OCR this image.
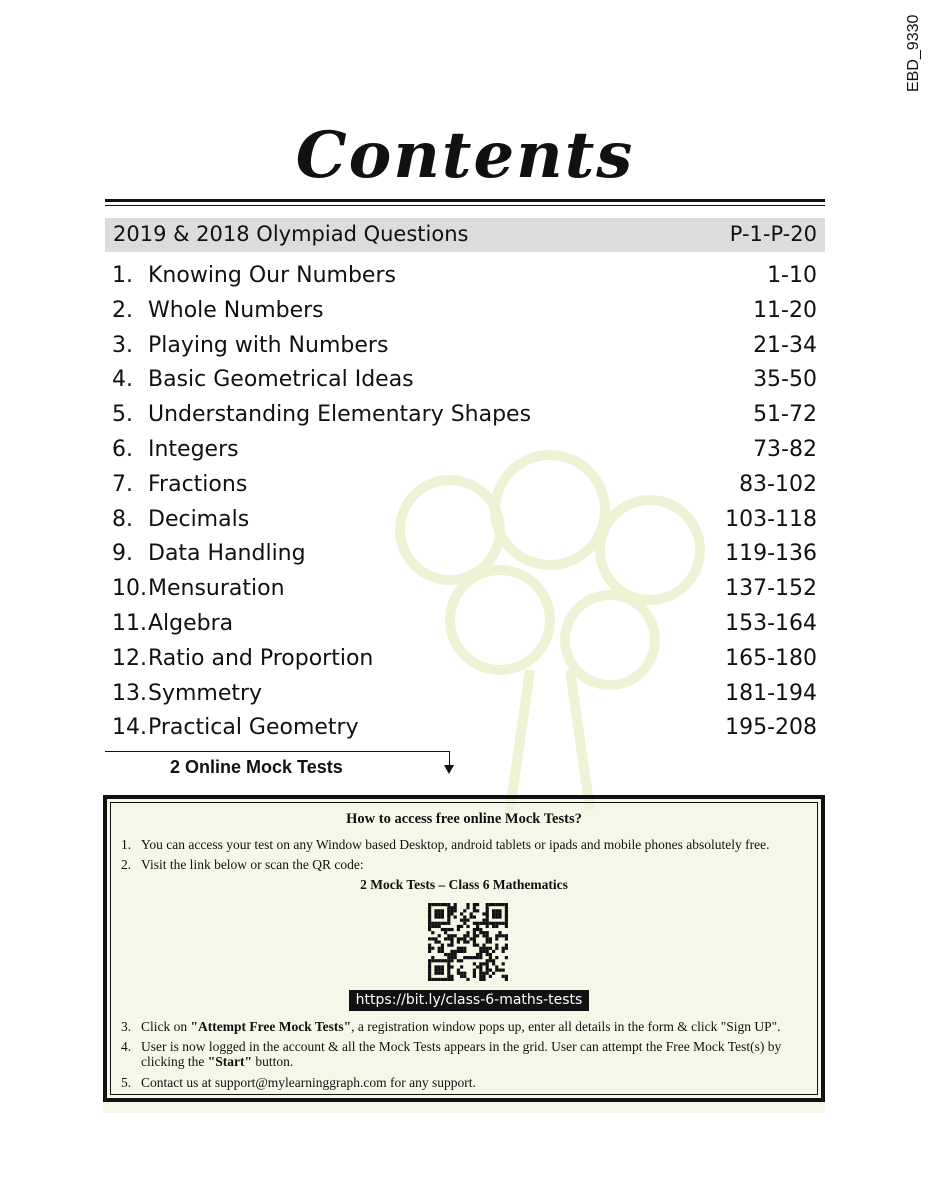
EBD_9330
Contents
2019 & 2018 Olympiad Questions	P-1-P-20
1. Knowing Our Numbers	1-10
2. Whole Numbers	11-20
3. Playing with Numbers	21-34
4. Basic Geometrical Ideas	35-50
5. Understanding Elementary Shapes	51-72
6. Integers	73-82
7. Fractions	83-102
8. Decimals	103-118
9. Data Handling	119-136
10. Mensuration	137-152
11. Algebra	153-164
12. Ratio and Proportion	165-180
13. Symmetry	181-194
14. Practical Geometry	195-208
2 Online Mock Tests
How to access free online Mock Tests?
1. You can access your test on any Window based Desktop, android tablets or ipads and mobile phones absolutely free.
2. Visit the link below or scan the QR code:
2 Mock Tests – Class 6 Mathematics
https://bit.ly/class-6-maths-tests
3. Click on "Attempt Free Mock Tests", a registration window pops up, enter all details in the form & click "Sign UP".
4. User is now logged in the account & all the Mock Tests appears in the grid. User can attempt the Free Mock Test(s) by clicking the "Start" button.
5. Contact us at support@mylearninggraph.com for any support.
